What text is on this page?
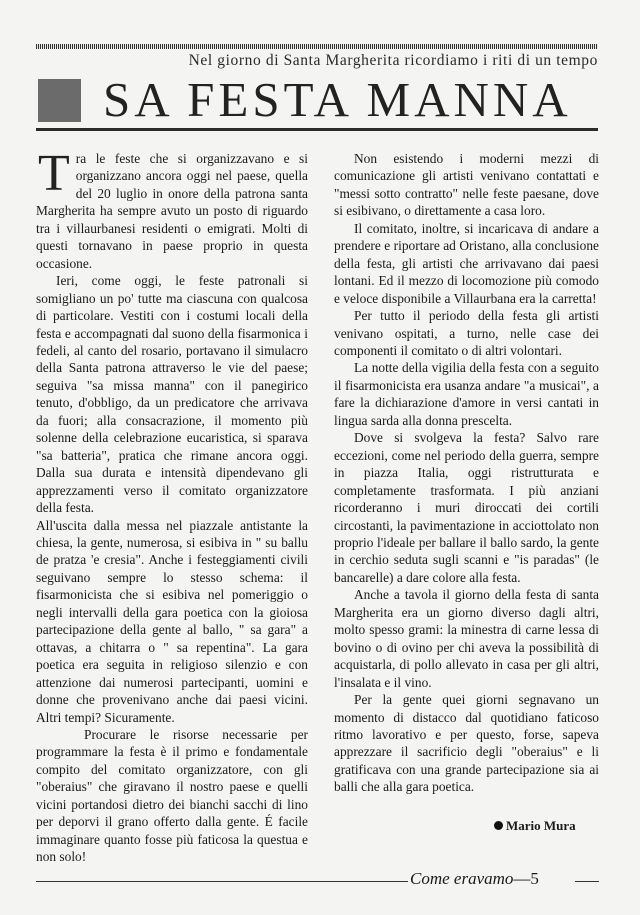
Nel giorno di Santa Margherita ricordiamo i riti di un tempo
SA FESTA MANNA

Tra le feste che si organizzavano e si organizzano ancora oggi nel paese, quella del 20 luglio in onore della patrona santa Margherita ha sempre avuto un posto di riguardo tra i villaurbanesi residenti o emigrati. Molti di questi tornavano in paese proprio in questa occasione.

Ieri, come oggi, le feste patronali si somigliano un po' tutte ma ciascuna con qualcosa di particolare. Vestiti con i costumi locali della festa e accompagnati dal suono della fisarmonica i fedeli, al canto del rosario, portavano il simulacro della Santa patrona attraverso le vie del paese; seguiva "sa missa manna" con il panegirico tenuto, d'obbligo, da un predicatore che arrivava da fuori; alla consacrazione, il momento più solenne della celebrazione eucaristica, si sparava "sa batteria", pratica che rimane ancora oggi. Dalla sua durata e intensità dipendevano gli apprezzamenti verso il comitato organizzatore della festa.

All'uscita dalla messa nel piazzale antistante la chiesa, la gente, numerosa, si esibiva in " su ballu de pratza 'e cresia". Anche i festeggiamenti civili seguivano sempre lo stesso schema: il fisarmonicista che si esibiva nel pomeriggio o negli intervalli della gara poetica con la gioiosa partecipazione della gente al ballo, " sa gara" a ottavas, a chitarra o " sa repentina". La gara poetica era seguita in religioso silenzio e con attenzione dai numerosi partecipanti, uomini e donne che provenivano anche dai paesi vicini. Altri tempi? Sicuramente.

Procurare le risorse necessarie per programmare la festa è il primo e fondamentale compito del comitato organizzatore, con gli "oberaius" che giravano il nostro paese e quelli vicini portandosi dietro dei bianchi sacchi di lino per deporvi il grano offerto dalla gente. É facile immaginare quanto fosse più faticosa la questua e non solo!

Non esistendo i moderni mezzi di comunicazione gli artisti venivano contattati e "messi sotto contratto" nelle feste paesane, dove si esibivano, o direttamente a casa loro.

Il comitato, inoltre, si incaricava di andare a prendere e riportare ad Oristano, alla conclusione della festa, gli artisti che arrivavano dai paesi lontani. Ed il mezzo di locomozione più comodo e veloce disponibile a Villaurbana era la carretta!

Per tutto il periodo della festa gli artisti venivano ospitati, a turno, nelle case dei componenti il comitato o di altri volontari.

La notte della vigilia della festa con a seguito il fisarmonicista era usanza andare "a musicai", a fare la dichiarazione d'amore in versi cantati in lingua sarda alla donna prescelta.

Dove si svolgeva la festa? Salvo rare eccezioni, come nel periodo della guerra, sempre in piazza Italia, oggi ristrutturata e completamente trasformata. I più anziani ricorderanno i muri diroccati dei cortili circostanti, la pavimentazione in acciottolato non proprio l'ideale per ballare il ballo sardo, la gente in cerchio seduta sugli scanni e "is paradas" (le bancarelle) a dare colore alla festa.

Anche a tavola il giorno della festa di santa Margherita era un giorno diverso dagli altri, molto spesso grami: la minestra di carne lessa di bovino o di ovino per chi aveva la possibilità di acquistarla, di pollo allevato in casa per gli altri, l'insalata e il vino.

Per la gente quei giorni segnavano un momento di distacco dal quotidiano faticoso ritmo lavorativo e per questo, forse, sapeva apprezzare il sacrificio degli "oberaius" e li gratificava con una grande partecipazione sia ai balli che alla gara poetica.

Mario Mura
Come eravamo—5
